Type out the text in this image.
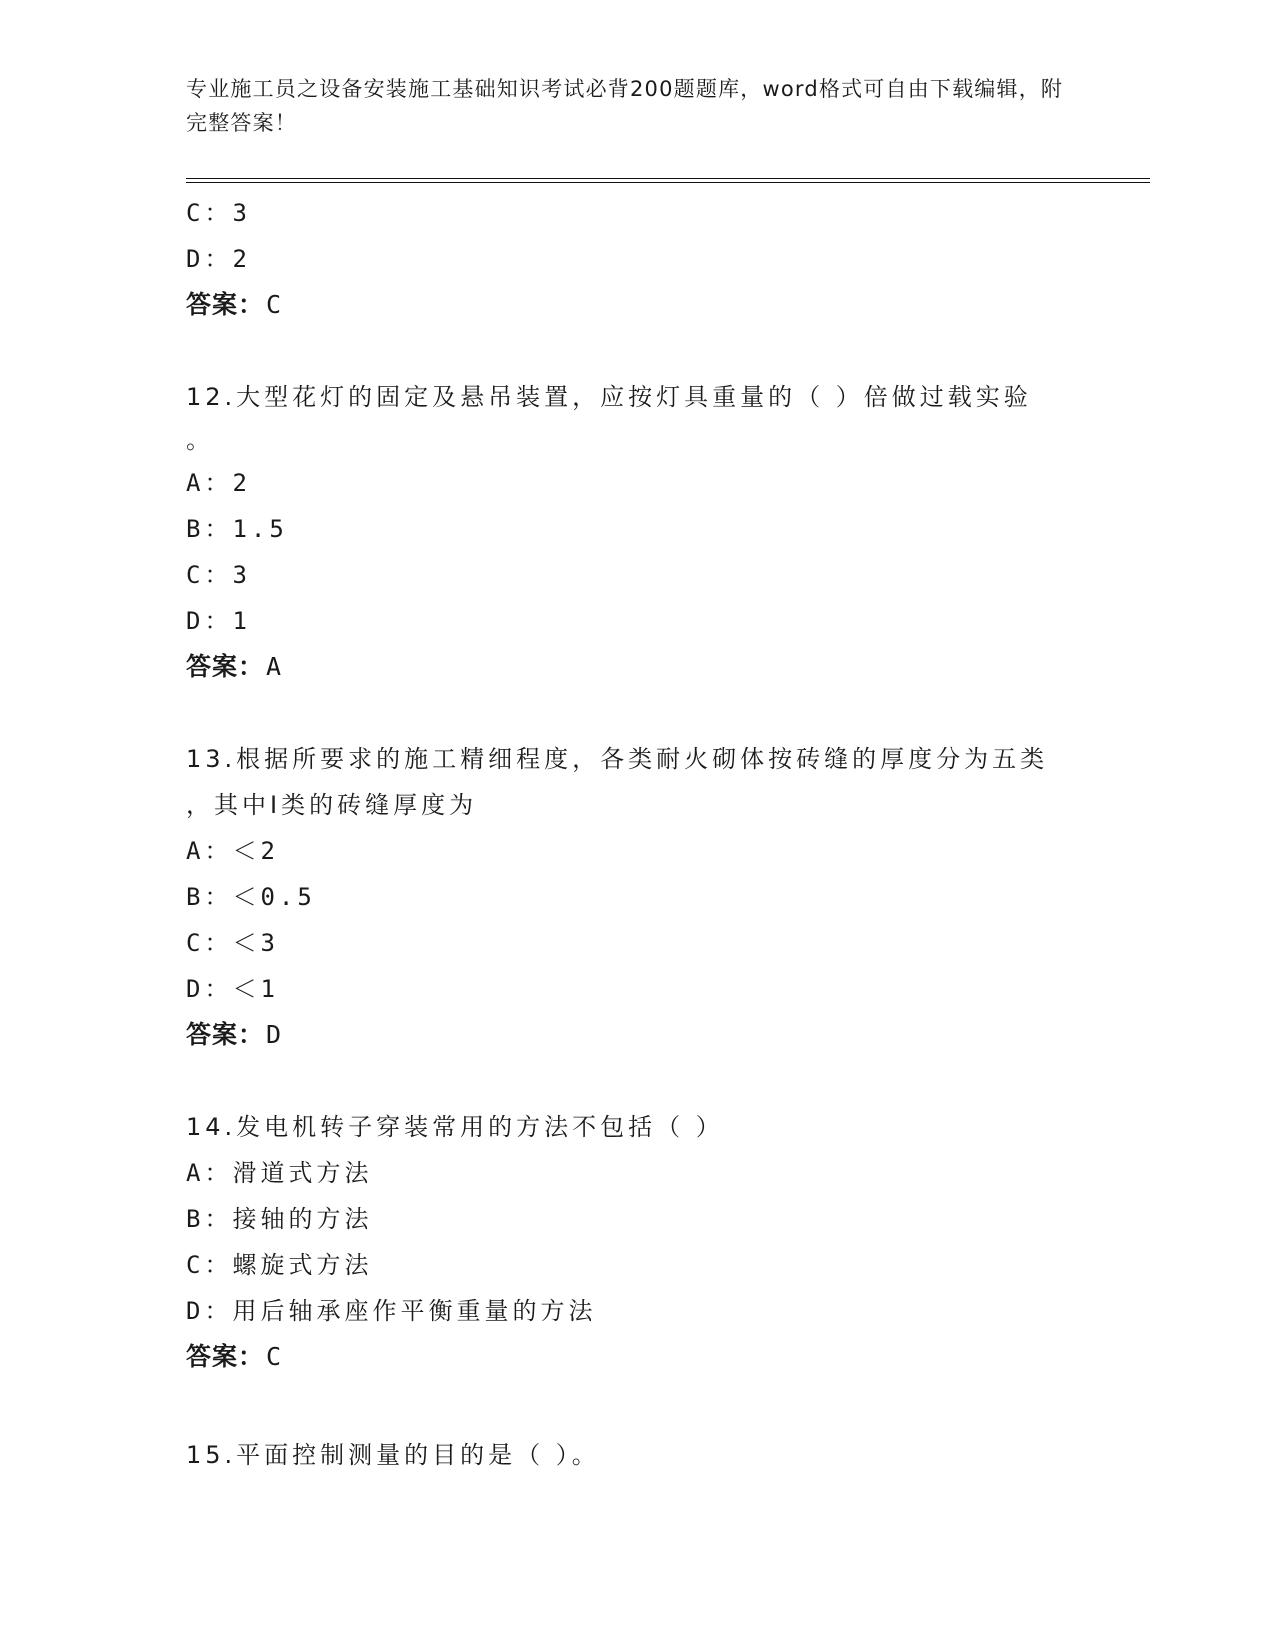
专业施工员之设备安装施工基础知识考试必背200题题库，word格式可自由下载编辑，附完整答案！
C：3
D：2
答案：C
12.大型花灯的固定及悬吊装置，应按灯具重量的（ ）倍做过载实验
。
A：2
B：1.5
C：3
D：1
答案：A
13.根据所要求的施工精细程度，各类耐火砌体按砖缝的厚度分为五类
，其中Ⅰ类的砖缝厚度为
A：＜2
B：＜0.5
C：＜3
D：＜1
答案：D
14.发电机转子穿装常用的方法不包括（ ）
A：滑道式方法
B：接轴的方法
C：螺旋式方法
D：用后轴承座作平衡重量的方法
答案：C
15.平面控制测量的目的是（ ）。
